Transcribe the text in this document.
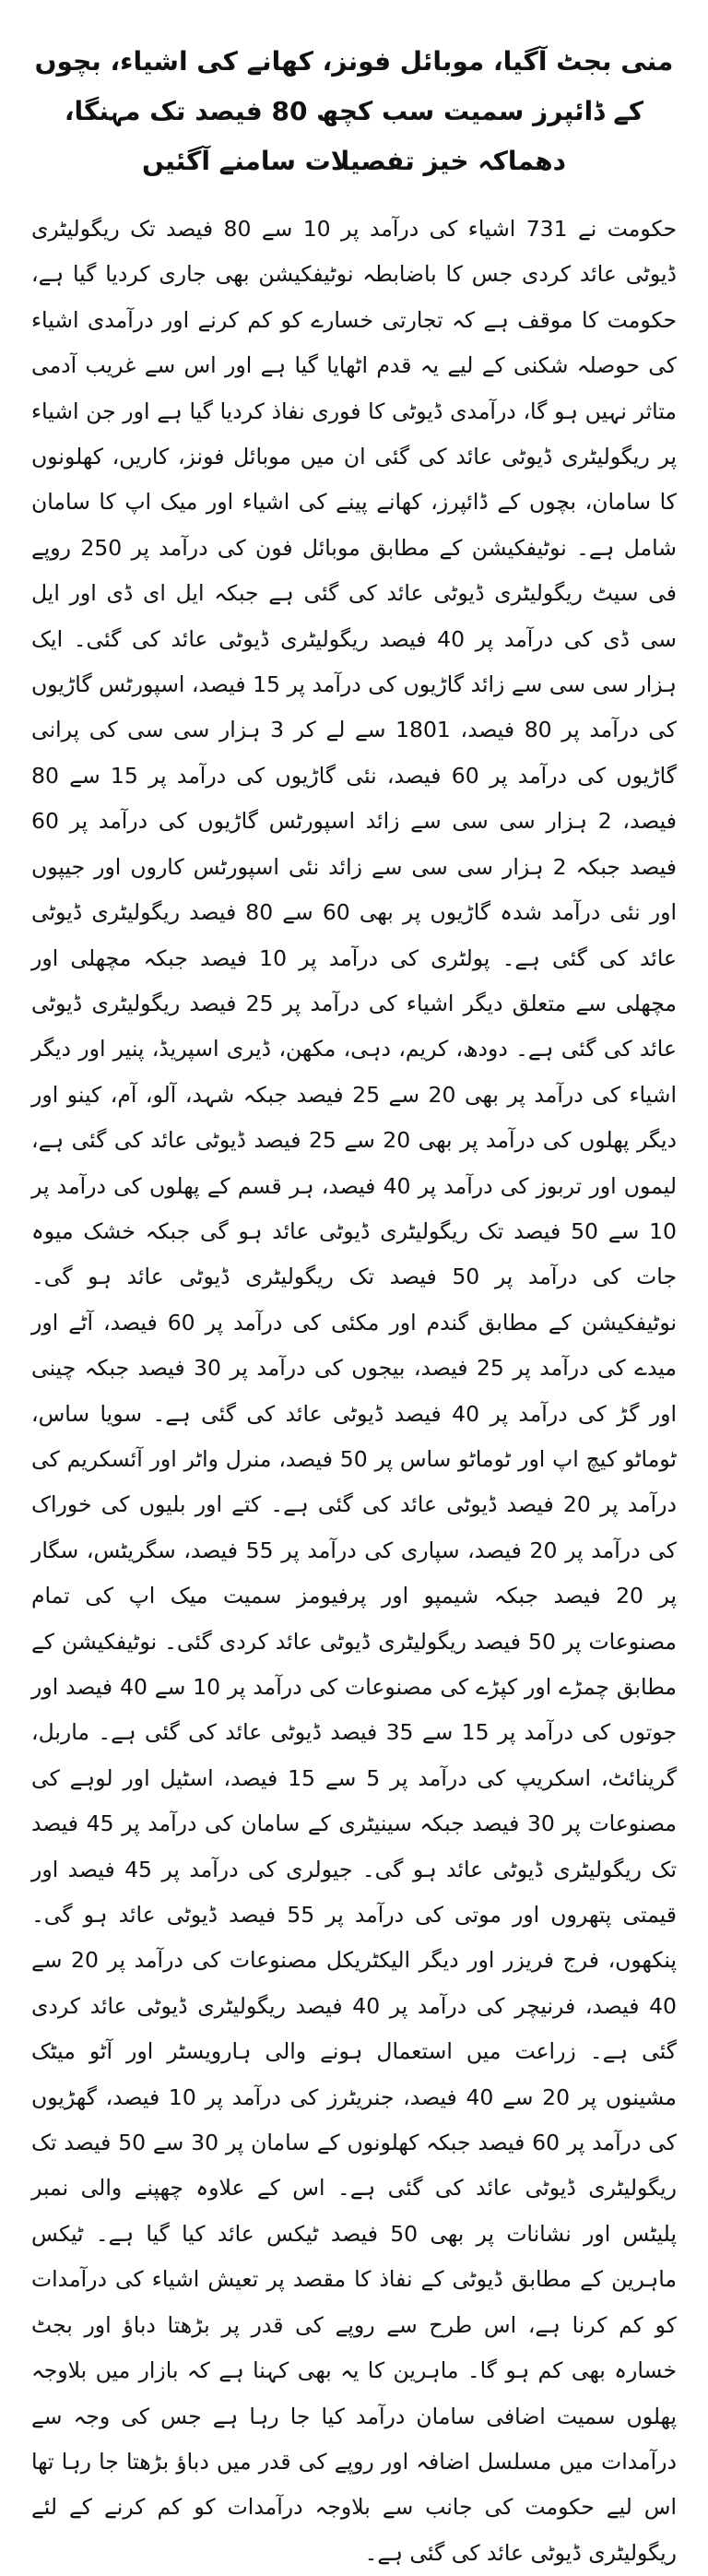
منی بجٹ آگیا، موبائل فونز، کھانے کی اشیاء، بچوں کے ڈائپرز سمیت سب کچھ 80 فیصد تک مہنگا، دھماکہ خیز تفصیلات سامنے آگئیں

حکومت نے 731 اشیاء کی درآمد پر 10 سے 80 فیصد تک ریگولیٹری ڈیوٹی عائد کردی جس کا باضابطہ نوٹیفکیشن بھی جاری کردیا گیا ہے، حکومت کا موقف ہے کہ تجارتی خسارے کو کم کرنے اور درآمدی اشیاء کی حوصلہ شکنی کے لیے یہ قدم اٹھایا گیا ہے اور اس سے غریب آدمی متاثر نہیں ہو گا، درآمدی ڈیوٹی کا فوری نفاذ کردیا گیا ہے اور جن اشیاء پر ریگولیٹری ڈیوٹی عائد کی گئی ان میں موبائل فونز، کاریں، کھلونوں کا سامان، بچوں کے ڈائپرز، کھانے پینے کی اشیاء اور میک اپ کا سامان شامل ہے۔ نوٹیفکیشن کے مطابق موبائل فون کی درآمد پر 250 روپے فی سیٹ ریگولیٹری ڈیوٹی عائد کی گئی ہے جبکہ ایل ای ڈی اور ایل سی ڈی کی درآمد پر 40 فیصد ریگولیٹری ڈیوٹی عائد کی گئی۔ ایک ہزار سی سی سے زائد گاڑیوں کی درآمد پر 15 فیصد، اسپورٹس گاڑیوں کی درآمد پر 80 فیصد، 1801 سے لے کر 3 ہزار سی سی کی پرانی گاڑیوں کی درآمد پر 60 فیصد، نئی گاڑیوں کی درآمد پر 15 سے 80 فیصد، 2 ہزار سی سی سے زائد اسپورٹس گاڑیوں کی درآمد پر 60 فیصد جبکہ 2 ہزار سی سی سے زائد نئی اسپورٹس کاروں اور جیپوں اور نئی درآمد شدہ گاڑیوں پر بھی 60 سے 80 فیصد ریگولیٹری ڈیوٹی عائد کی گئی ہے۔ پولٹری کی درآمد پر 10 فیصد جبکہ مچھلی اور مچھلی سے متعلق دیگر اشیاء کی درآمد پر 25 فیصد ریگولیٹری ڈیوٹی عائد کی گئی ہے۔ دودھ، کریم، دہی، مکھن، ڈیری اسپریڈ، پنیر اور دیگر اشیاء کی درآمد پر بھی 20 سے 25 فیصد جبکہ شہد، آلو، آم، کینو اور دیگر پھلوں کی درآمد پر بھی 20 سے 25 فیصد ڈیوٹی عائد کی گئی ہے، لیموں اور تربوز کی درآمد پر 40 فیصد، ہر قسم کے پھلوں کی درآمد پر 10 سے 50 فیصد تک ریگولیٹری ڈیوٹی عائد ہو گی جبکہ خشک میوہ جات کی درآمد پر 50 فیصد تک ریگولیٹری ڈیوٹی عائد ہو گی۔ نوٹیفکیشن کے مطابق گندم اور مکئی کی درآمد پر 60 فیصد، آٹے اور میدے کی درآمد پر 25 فیصد، بیجوں کی درآمد پر 30 فیصد جبکہ چینی اور گڑ کی درآمد پر 40 فیصد ڈیوٹی عائد کی گئی ہے۔ سویا ساس، ٹوماٹو کیچ اپ اور ٹوماٹو ساس پر 50 فیصد، منرل واٹر اور آئسکریم کی درآمد پر 20 فیصد ڈیوٹی عائد کی گئی ہے۔ کتے اور بلیوں کی خوراک کی درآمد پر 20 فیصد، سپاری کی درآمد پر 55 فیصد، سگریٹس، سگار پر 20 فیصد جبکہ شیمپو اور پرفیومز سمیت میک اپ کی تمام مصنوعات پر 50 فیصد ریگولیٹری ڈیوٹی عائد کردی گئی۔ نوٹیفکیشن کے مطابق چمڑے اور کپڑے کی مصنوعات کی درآمد پر 10 سے 40 فیصد اور جوتوں کی درآمد پر 15 سے 35 فیصد ڈیوٹی عائد کی گئی ہے۔ ماربل، گرینائٹ، اسکریپ کی درآمد پر 5 سے 15 فیصد، اسٹیل اور لوہے کی مصنوعات پر 30 فیصد جبکہ سینیٹری کے سامان کی درآمد پر 45 فیصد تک ریگولیٹری ڈیوٹی عائد ہو گی۔ جیولری کی درآمد پر 45 فیصد اور قیمتی پتھروں اور موتی کی درآمد پر 55 فیصد ڈیوٹی عائد ہو گی۔ پنکھوں، فرج فریزر اور دیگر الیکٹریکل مصنوعات کی درآمد پر 20 سے 40 فیصد، فرنیچر کی درآمد پر 40 فیصد ریگولیٹری ڈیوٹی عائد کردی گئی ہے۔ زراعت میں استعمال ہونے والی ہارویسٹر اور آٹو میٹک مشینوں پر 20 سے 40 فیصد، جنریٹرز کی درآمد پر 10 فیصد، گھڑیوں کی درآمد پر 60 فیصد جبکہ کھلونوں کے سامان پر 30 سے 50 فیصد تک ریگولیٹری ڈیوٹی عائد کی گئی ہے۔ اس کے علاوہ چھپنے والی نمبر پلیٹس اور نشانات پر بھی 50 فیصد ٹیکس عائد کیا گیا ہے۔ ٹیکس ماہرین کے مطابق ڈیوٹی کے نفاذ کا مقصد پر تعیش اشیاء کی درآمدات کو کم کرنا ہے، اس طرح سے روپے کی قدر پر بڑھتا دباؤ اور بجٹ خسارہ بھی کم ہو گا۔ ماہرین کا یہ بھی کہنا ہے کہ بازار میں بلاوجہ پھلوں سمیت اضافی سامان درآمد کیا جا رہا ہے جس کی وجہ سے درآمدات میں مسلسل اضافہ اور روپے کی قدر میں دباؤ بڑھتا جا رہا تھا اس لیے حکومت کی جانب سے بلاوجہ درآمدات کو کم کرنے کے لئے ریگولیٹری ڈیوٹی عائد کی گئی ہے۔
